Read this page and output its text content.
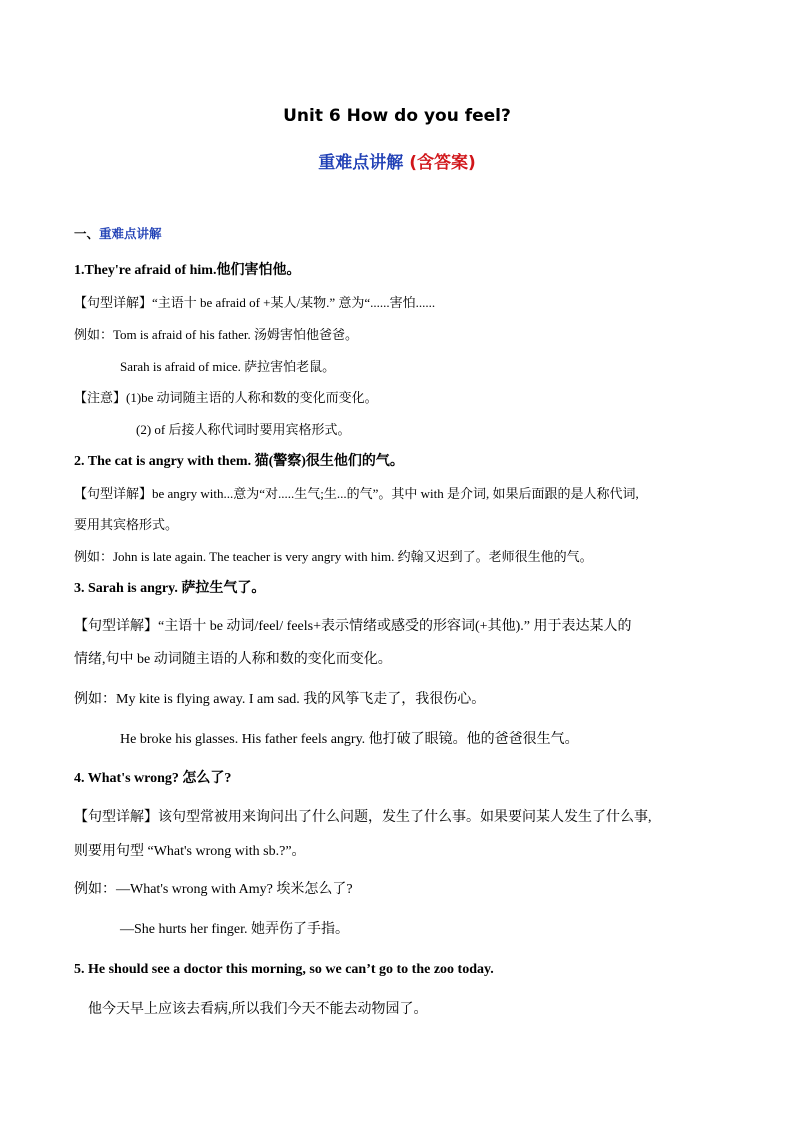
Unit 6 How do you feel?
重难点讲解 (含答案)
一、重难点讲解
1.They're afraid of him.他们害怕他。
【句型详解】“主语十 be afraid of +某人/某物.” 意为“......害怕......
例如：Tom is afraid of his father. 汤姆害怕他爸爸。
Sarah is afraid of mice. 萨拉害怕老鼠。
【注意】(1)be 动词随主语的人称和数的变化而变化。
(2) of 后接人称代词时要用宾格形式。
2. The cat is angry with them. 猫(警察)很生他们的气。
【句型详解】be angry with...意为“对.....生气;生...的气”。其中 with 是介词, 如果后面跟的是人称代词,
要用其宾格形式。
例如：John is late again. The teacher is very angry with him. 约翰又迟到了。老师很生他的气。
3. Sarah is angry. 萨拉生气了。
【句型详解】“主语十 be 动词/feel/ feels+表示情绪或感受的形容词(+其他).” 用于表达某人的
情绪,句中 be 动词随主语的人称和数的变化而变化。
例如：My kite is flying away. I am sad. 我的风筝飞走了，我很伤心。
He broke his glasses. His father feels angry. 他打破了眼镜。他的爸爸很生气。
4. What's wrong? 怎么了?
【句型详解】该句型常被用来询问出了什么问题，发生了什么事。如果要问某人发生了什么事,
则要用句型 “What's wrong with sb.?”。
例如：—What's wrong with Amy? 埃米怎么了?
—She hurts her finger. 她弄伤了手指。
5. He should see a doctor this morning, so we can’t go to the zoo today.
他今天早上应该去看病,所以我们今天不能去动物园了。
